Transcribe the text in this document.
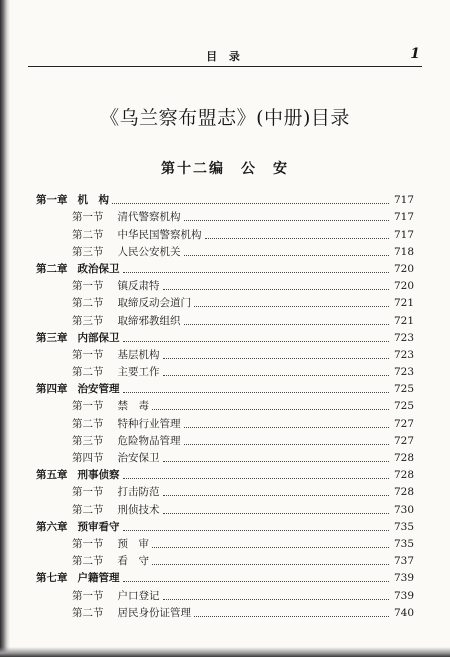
目 录	1
《乌兰察布盟志》(中册)目录
第十二编　公　安
第一章 机　构	717
第一节	清代警察机构	717
第二节	中华民国警察机构	717
第三节	人民公安机关	718
第二章 政治保卫	720
第一节	镇反肃特	720
第二节	取缔反动会道门	721
第三节	取缔邪教组织	721
第三章 内部保卫	723
第一节	基层机构	723
第二节	主要工作	723
第四章 治安管理	725
第一节	禁　毒	725
第二节	特种行业管理	727
第三节	危险物品管理	727
第四节	治安保卫	728
第五章 刑事侦察	728
第一节	打击防范	728
第二节	刑侦技术	730
第六章 预审看守	735
第一节	预　审	735
第二节	看　守	737
第七章 户籍管理	739
第一节	户口登记	739
第二节	居民身份证管理	740
